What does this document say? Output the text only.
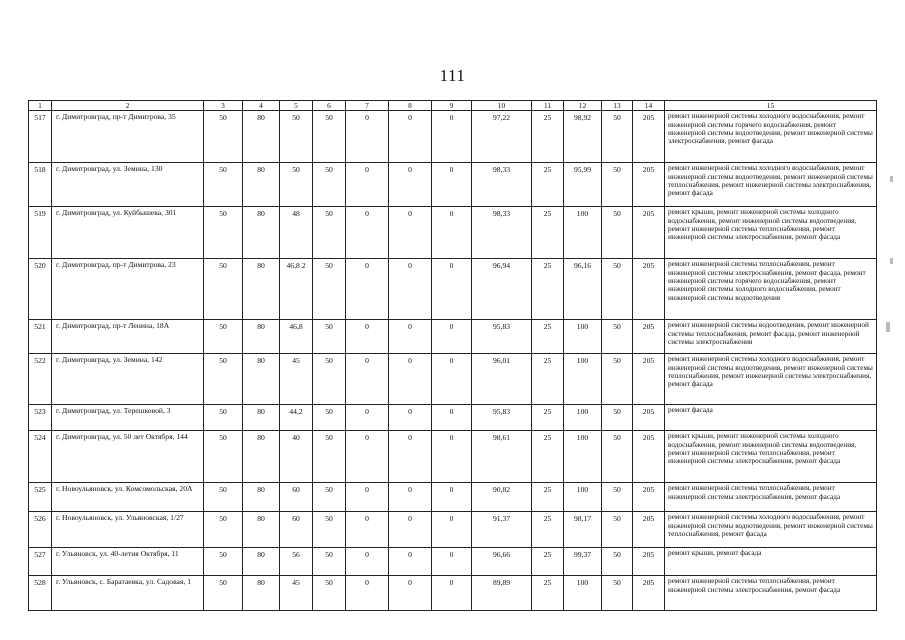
111
1	2	3	4	5	6	7	8	9	10	11	12	13	14	15
517	г. Димитровград, пр-т Димитрова, 35	50	80	50	50	0	0	0	97,22	25	98,92	50	205	ремонт инженерной системы холодного водоснабжения, ремонт инженерной системы горячего водоснабжения, ремонт инженерной системы водоотведения, ремонт инженерной системы электроснабжения, ремонт фасада
518	г. Димитровград, ул. Земина, 130	50	80	50	50	0	0	0	98,33	25	95,99	50	205	ремонт инженерной системы холодного водоснабжения, ремонт инженерной системы водоотведения, ремонт инженерной системы теплоснабжения, ремонт инженерной системы электроснабжения, ремонт фасада
519	г. Димитровград, ул. Куйбышева, 301	50	80	48	50	0	0	0	98,33	25	100	50	205	ремонт крыши, ремонт инженерной системы холодного водоснабжения, ремонт инженерной системы водоотведения, ремонт инженерной системы теплоснабжения, ремонт инженерной системы электроснабжения, ремонт фасада
520	г. Димитровград, пр-т Димитрова, 23	50	80	46,8 2	50	0	0	0	96,94	25	96,16	50	205	ремонт инженерной системы теплоснабжения, ремонт инженерной системы электроснабжения, ремонт фасада, ремонт инженерной системы горячего водоснабжения, ремонт инженерной системы холодного водоснабжения, ремонт инженерной системы водоотведения
521	г. Димитровград, пр-т Ленина, 18А	50	80	46,8	50	0	0	0	95,83	25	100	50	205	ремонт инженерной системы водоотведения, ремонт инженерной системы теплоснабжения, ремонт фасада, ремонт инженерной системы электроснабжения
522	г. Димитровград, ул. Земина, 142	50	80	45	50	0	0	0	96,01	25	100	50	205	ремонт инженерной системы холодного водоснабжения, ремонт инженерной системы водоотведения, ремонт инженерной системы теплоснабжения, ремонт инженерной системы электроснабжения, ремонт фасада
523	г. Димитровград, ул. Терешковой, 3	50	80	44,2	50	0	0	0	95,83	25	100	50	205	ремонт фасада
524	г. Димитровград, ул. 50 лет Октября, 144	50	80	40	50	0	0	0	98,61	25	100	50	205	ремонт крыши, ремонт инженерной системы холодного водоснабжения, ремонт инженерной системы водоотведения, ремонт инженерной системы теплоснабжения, ремонт инженерной системы электроснабжения, ремонт фасада
525	г. Новоульяновск, ул. Комсомольская, 20А	50	80	60	50	0	0	0	90,82	25	100	50	205	ремонт инженерной системы теплоснабжения, ремонт инженерной системы электроснабжения, ремонт фасада
526	г. Новоульяновск, ул. Ульяновская, 1/27	50	80	60	50	0	0	0	91,37	25	98,17	50	205	ремонт инженерной системы холодного водоснабжения, ремонт инженерной системы водоотведения, ремонт инженерной системы теплоснабжения, ремонт фасада
527	г. Ульяновск, ул. 40-летия Октября, 11	50	80	56	50	0	0	0	96,66	25	99,37	50	205	ремонт крыши, ремонт фасада
528	г. Ульяновск, с. Баратаевка, ул. Садовая, 1	50	80	45	50	0	0	0	89,89	25	100	50	205	ремонт инженерной системы теплоснабжения, ремонт инженерной системы электроснабжения, ремонт фасада
